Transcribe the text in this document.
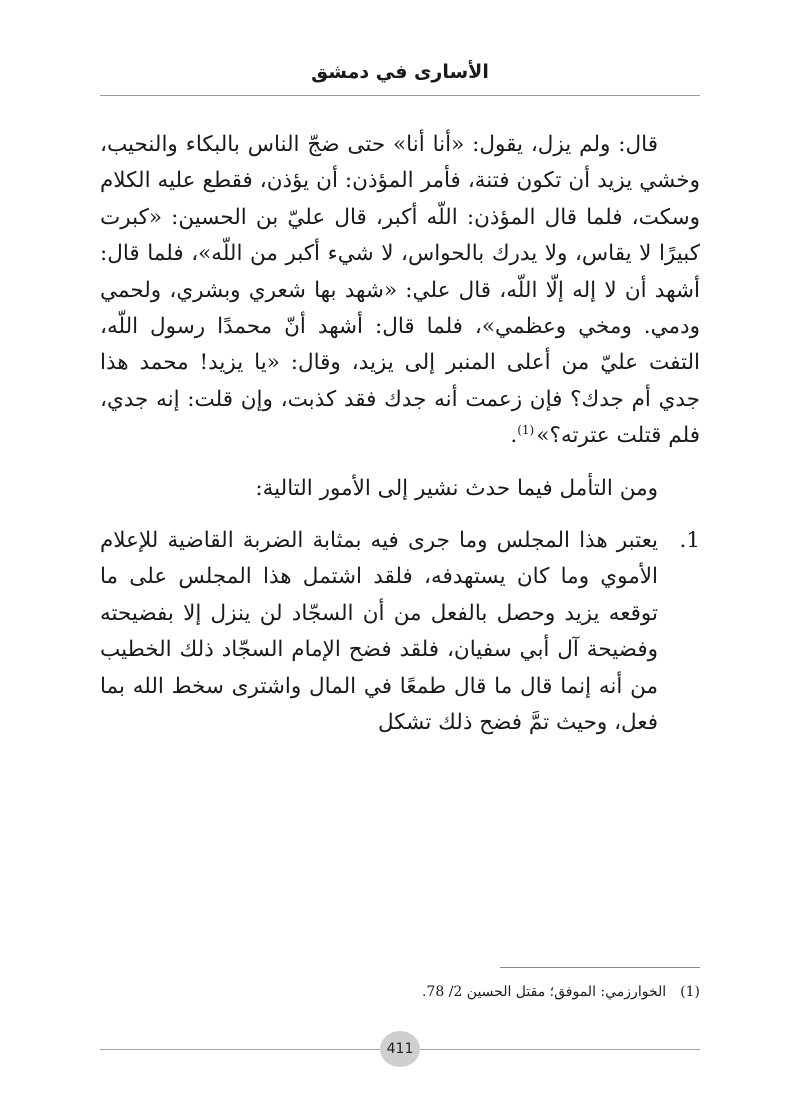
الأسارى في دمشق

قال: ولم يزل، يقول: «أنا أنا» حتى ضجّ الناس بالبكاء والنحيب، وخشي يزيد أن تكون فتنة، فأمر المؤذن: أن يؤذن، فقطع عليه الكلام وسكت، فلما قال المؤذن: اللّه أكبر، قال عليّ بن الحسين: «كبرت كبيرًا لا يقاس، ولا يدرك بالحواس، لا شيء أكبر من اللّه»، فلما قال: أشهد أن لا إله إلّا اللّه، قال علي: «شهد بها شعري وبشري، ولحمي ودمي. ومخي وعظمي»، فلما قال: أشهد أنّ محمدًا رسول اللّه، التفت عليّ من أعلى المنبر إلى يزيد، وقال: «يا يزيد! محمد هذا جدي أم جدك؟ فإن زعمت أنه جدك فقد كذبت، وإن قلت: إنه جدي، فلم قتلت عترته؟» $^{(1)}$.

ومن التأمل فيما حدث نشير إلى الأمور التالية:

1.
يعتبر هذا المجلس وما جرى فيه بمثابة الضربة القاضية للإعلام الأموي وما كان يستهدفه، فلقد اشتمل هذا المجلس على ما توقعه يزيد وحصل بالفعل من أن السجّاد لن ينزل إلا بفضيحته وفضيحة آل أبي سفيان، فلقد فضح الإمام السجّاد ذلك الخطيب من أنه إنما قال ما قال طمعًا في المال واشترى سخط الله بما فعل، وحيث تمَّ فضح ذلك تشكل
(1)
الخوارزمي: الموفق؛ مقتل الحسين 2/ 78.
411
